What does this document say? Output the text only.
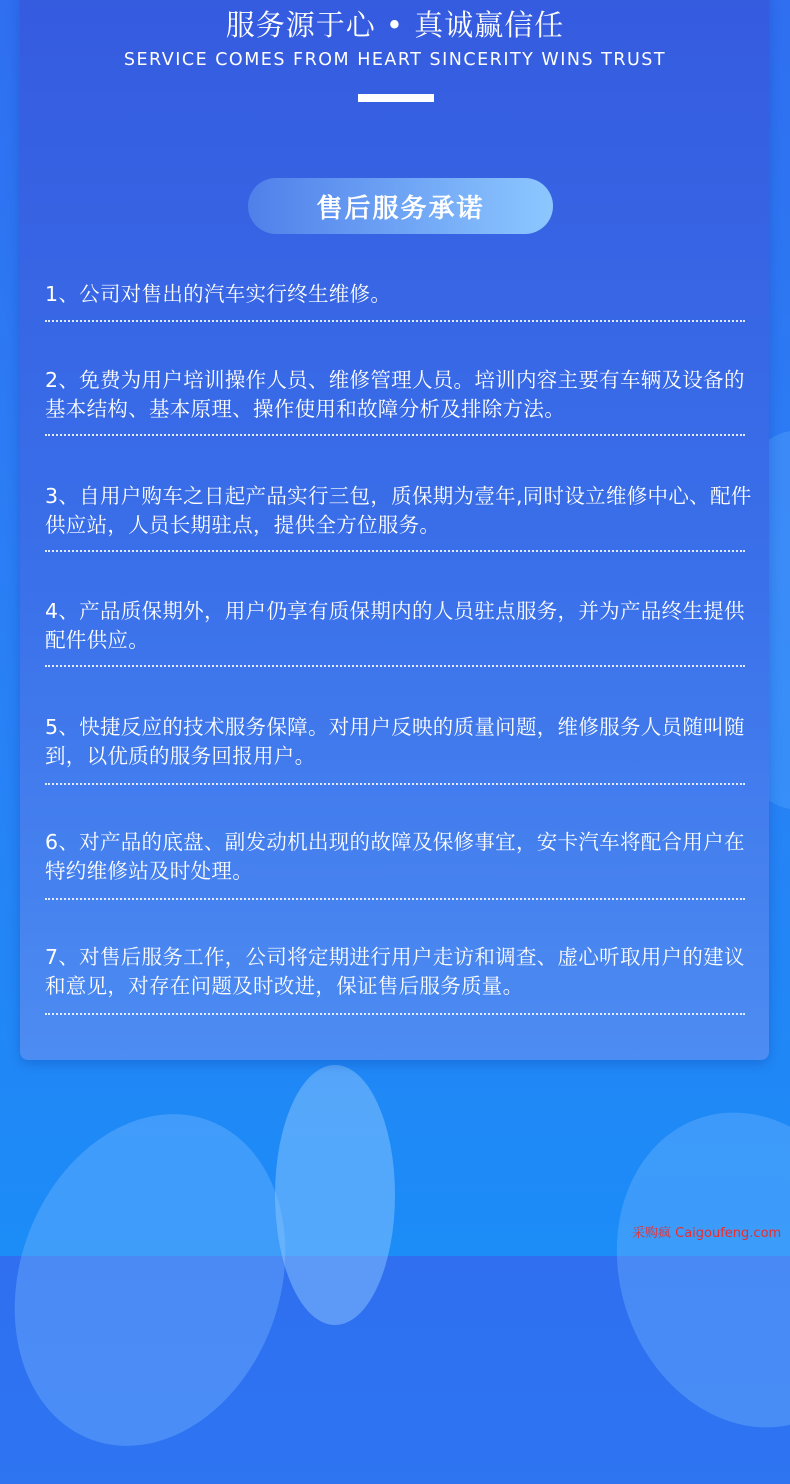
服务源于心 • 真诚赢信任
SERVICE COMES FROM HEART SINCERITY WINS TRUST
售后服务承诺
1、公司对售出的汽车实行终生维修。
2、免费为用户培训操作人员、维修管理人员。培训内容主要有车辆及设备的基本结构、基本原理、操作使用和故障分析及排除方法。
3、自用户购车之日起产品实行三包，质保期为壹年,同时设立维修中心、配件供应站，人员长期驻点，提供全方位服务。
4、产品质保期外，用户仍享有质保期内的人员驻点服务，并为产品终生提供配件供应。
5、快捷反应的技术服务保障。对用户反映的质量问题，维修服务人员随叫随到，以优质的服务回报用户。
6、对产品的底盘、副发动机出现的故障及保修事宜，安卡汽车将配合用户在特约维修站及时处理。
7、对售后服务工作，公司将定期进行用户走访和调查、虚心听取用户的建议和意见，对存在问题及时改进，保证售后服务质量。
采购疯 Caigoufeng.com
